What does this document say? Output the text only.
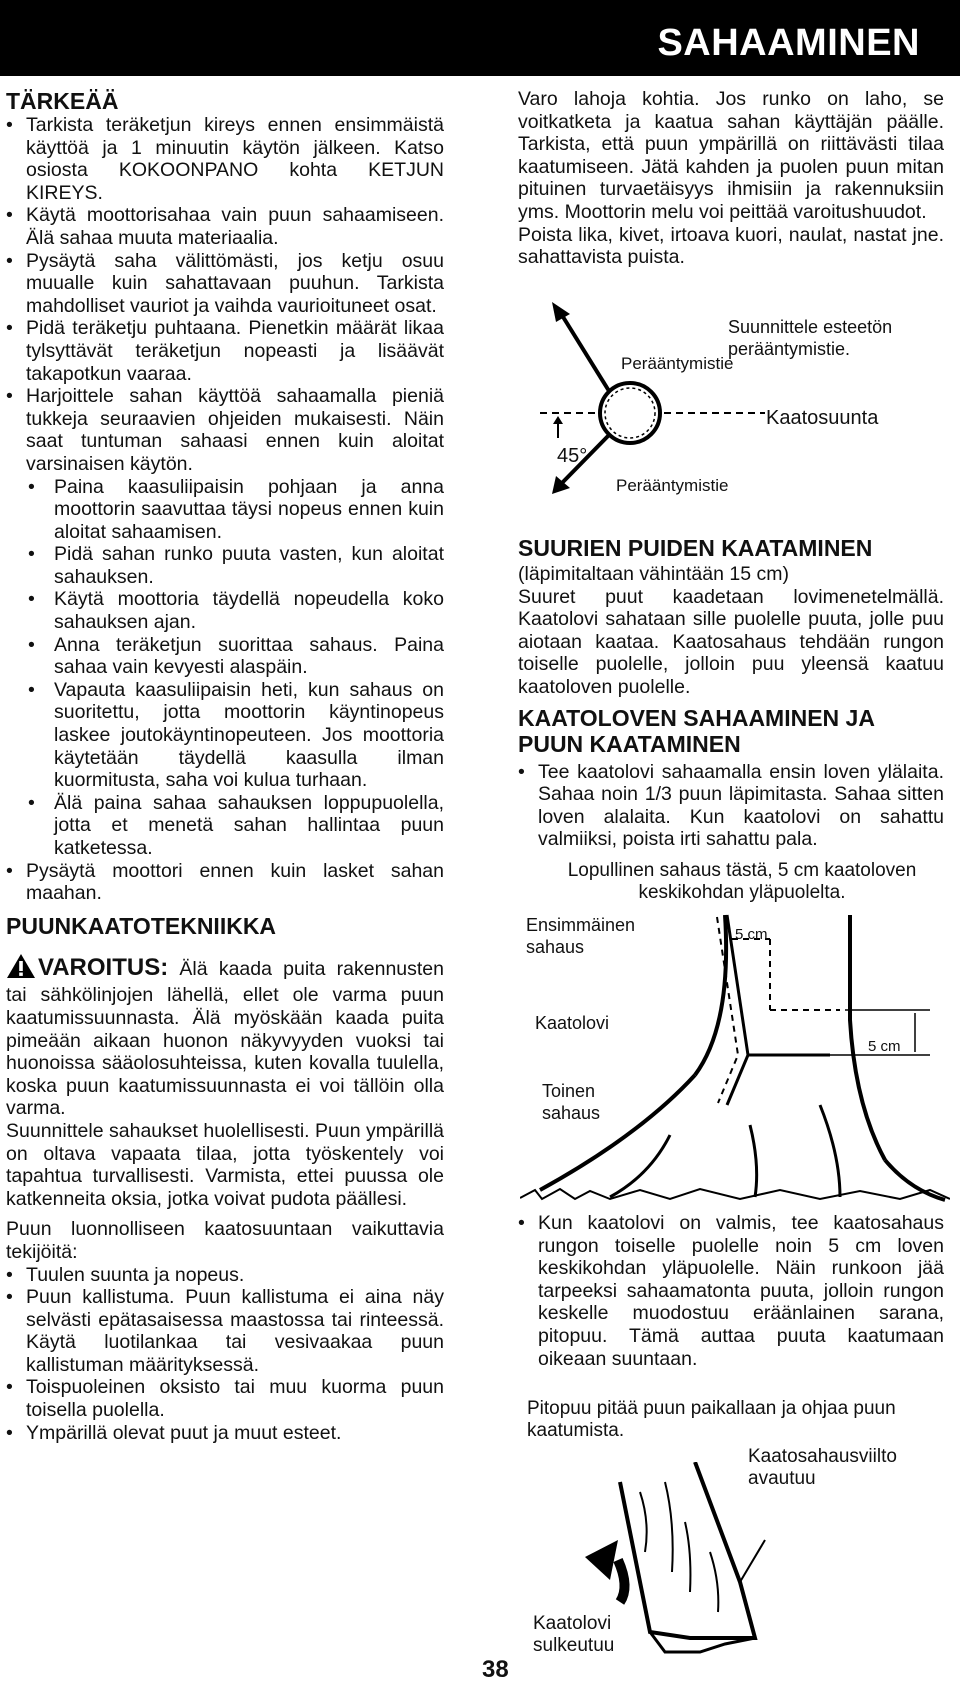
SAHAAMINEN
TÄRKEÄÄ
• Tarkista teräketjun kireys ennen ensimmäistä käyttöä ja 1 minuutin käytön jälkeen. Katso osiosta KOKOONPANO kohta KETJUN KIREYS.
• Käytä moottorisahaa vain puun sahaamiseen. Älä sahaa muuta materiaalia.
• Pysäytä saha välittömästi, jos ketju osuu muualle kuin sahattavaan puuhun. Tarkista mahdolliset vauriot ja vaihda vaurioituneet osat.
• Pidä teräketju puhtaana. Pienetkin määrät likaa tylsyttävät teräketjun nopeasti ja lisäävät takapotkun vaaraa.
• Harjoittele sahan käyttöä sahaamalla pieniä tukkeja seuraavien ohjeiden mukaisesti. Näin saat tuntuman sahaasi ennen kuin aloitat varsinaisen käytön.
• Paina kaasuliipaisin pohjaan ja anna moottorin saavuttaa täysi nopeus ennen kuin aloitat sahaamisen.
• Pidä sahan runko puuta vasten, kun aloitat sahauksen.
• Käytä moottoria täydellä nopeudella koko sahauksen ajan.
• Anna teräketjun suorittaa sahaus. Paina sahaa vain kevyesti alaspäin.
• Vapauta kaasuliipaisin heti, kun sahaus on suoritettu, jotta moottorin käyntinopeus laskee joutokäyntinopeuteen. Jos moottoria käytetään täydellä kaasulla ilman kuormitusta, saha voi kulua turhaan.
• Älä paina sahaa sahauksen loppupuolella, jotta et menetä sahan hallintaa puun katketessa.
• Pysäytä moottori ennen kuin lasket sahan maahan.
PUUNKAATOTEKNIIKKA

VAROITUS: Älä kaada puita rakennusten tai sähkölinjojen lähellä, ellet ole varma puun kaatumissuunnasta. Älä myöskään kaada puita pimeään aikaan huonon näkyvyyden vuoksi tai huonoissa sääolosuhteissa, kuten kovalla tuulella, koska puun kaatumissuunnasta ei voi tällöin olla varma.

Suunnittele sahaukset huolellisesti. Puun ympärillä on oltava vapaata tilaa, jotta työskentely voi tapahtua turvallisesti. Varmista, ettei puussa ole katkenneita oksia, jotka voivat pudota päällesi.

Puun luonnolliseen kaatosuuntaan vaikuttavia tekijöitä:

• Tuulen suunta ja nopeus.
• Puun kallistuma. Puun kallistuma ei aina näy selvästi epätasaisessa maastossa tai rinteessä. Käytä luotilankaa tai vesivaakaa puun kallistuman määrityksessä.
• Toispuoleinen oksisto tai muu kuorma puun toisella puolella.
• Ympärillä olevat puut ja muut esteet.

Varo lahoja kohtia. Jos runko on laho, se voitkatketa ja kaatua sahan käyttäjän päälle. Tarkista, että puun ympärillä on riittävästi tilaa kaatumiseen. Jätä kahden ja puolen puun mitan pituinen turvaetäisyys ihmisiin ja rakennuksiin yms. Moottorin melu voi peittää varoitushuudot.

Poista lika, kivet, irtoava kuori, naulat, nastat jne. sahattavista puista.

Suunnittele esteetön perääntymistie.
Perääntymistie
Kaatosuunta
45°
Perääntymistie
SUURIEN PUIDEN KAATAMINEN

(läpimitaltaan vähintään 15 cm)

Suuret puut kaadetaan lovimenetelmällä. Kaatolovi sahataan sille puolelle puuta, jolle puu aiotaan kaataa. Kaatosahaus tehdään rungon toiselle puolelle, jolloin puu yleensä kaatuu kaatoloven puolelle.

KAATOLOVEN SAHAAMINEN JA PUUN KAATAMINEN
• Tee kaatolovi sahaamalla ensin loven ylälaita. Sahaa noin 1/3 puun läpimitasta. Sahaa sitten loven alalaita. Kun kaatolovi on sahattu valmiiksi, poista irti sahattu pala.
Lopullinen sahaus tästä, 5 cm kaatoloven keskikohdan yläpuolelta.
Ensimmäinen sahaus
5 cm
Kaatolovi
5 cm
Toinen sahaus
• Kun kaatolovi on valmis, tee kaatosahaus rungon toiselle puolelle noin 5 cm loven keskikohdan yläpuolelle. Näin runkoon jää tarpeeksi sahaamatonta puuta, jolloin rungon keskelle muodostuu eräänlainen sarana, pitopuu. Tämä auttaa puuta kaatumaan oikeaan suuntaan.
Pitopuu pitää puun paikallaan ja ohjaa puun kaatumista.
Kaatosahausviilto avautuu
Kaatolovi sulkeutuu
38
